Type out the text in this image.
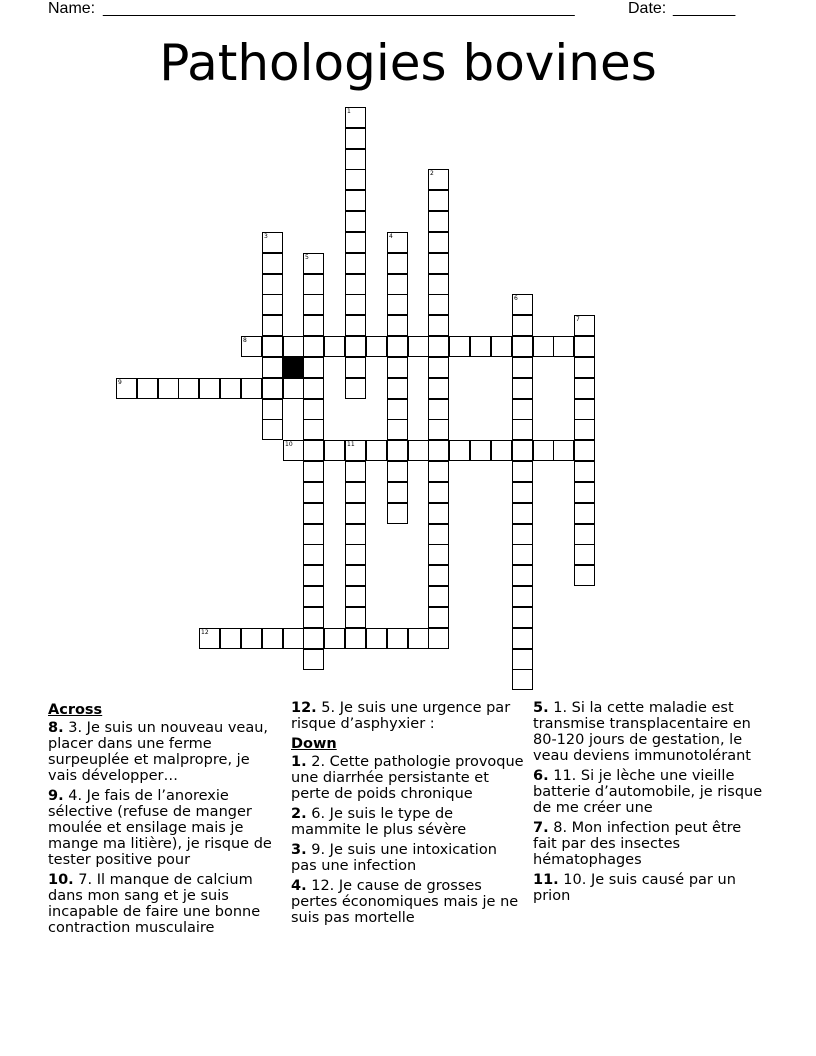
Name: _____________________________________________________	Date: _______
Pathologies bovines
1
2
3	4
5
6
7
8
9
10	11
12
Across
8. 3. Je suis un nouveau veau, placer dans une ferme surpeuplée et malpropre, je vais développer…
9. 4. Je fais de l’anorexie sélective (refuse de manger moulée et ensilage mais je mange ma litière), je risque de tester positive pour
10. 7. Il manque de calcium dans mon sang et je suis incapable de faire une bonne contraction musculaire
12. 5. Je suis une urgence par risque d’asphyxier :
Down
1. 2. Cette pathologie provoque une diarrhée persistante et perte de poids chronique
2. 6. Je suis le type de mammite le plus sévère
3. 9. Je suis une intoxication pas une infection
4. 12. Je cause de grosses pertes économiques mais je ne suis pas mortelle
5. 1. Si la cette maladie est transmise transplacentaire en 80-120 jours de gestation, le veau deviens immunotolérant
6. 11. Si je lèche une vieille batterie d’automobile, je risque de me créer une
7. 8. Mon infection peut être fait par des insectes hématophages
11. 10. Je suis causé par un prion
